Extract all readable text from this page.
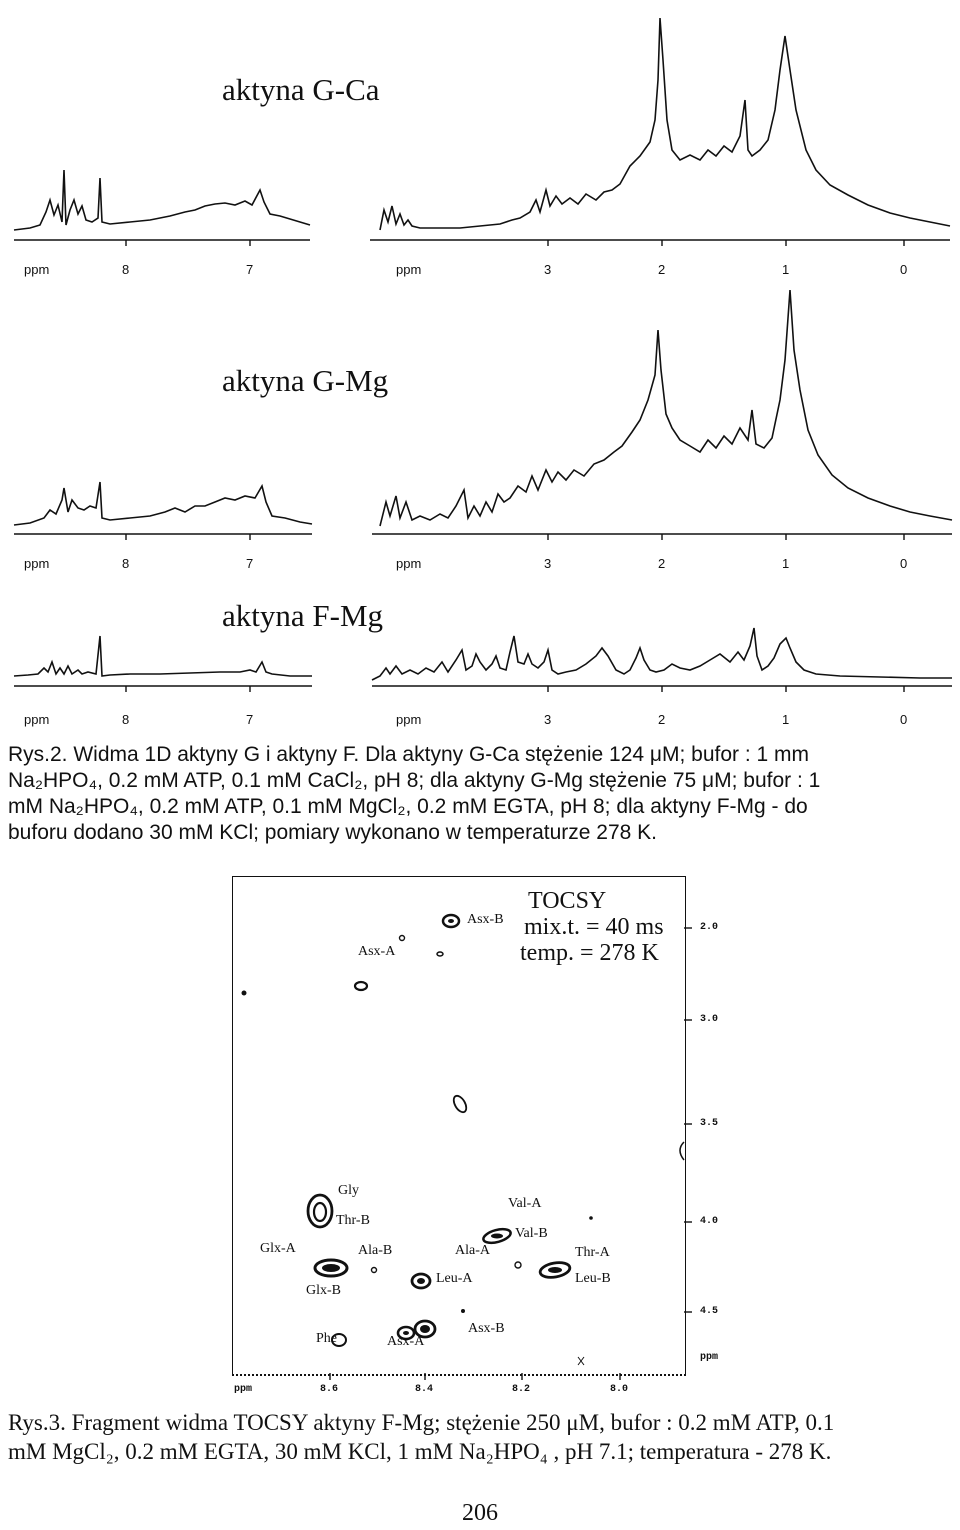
aktyna G-Ca
ppm	8	7	ppm	3	2	1	0
aktyna G-Mg
ppm	8	7	ppm	3	2	1	0
aktyna F-Mg
ppm	8	7	ppm	3	2	1	0
Rys.2. Widma 1D aktyny G i aktyny F. Dla aktyny G-Ca stężenie 124 μM; bufor : 1 mm
Na₂HPO₄, 0.2 mM ATP, 0.1 mM CaCl₂, pH 8; dla aktyny G-Mg stężenie 75 μM; bufor : 1
mM Na₂HPO₄, 0.2 mM ATP, 0.1 mM MgCl₂, 0.2 mM EGTA, pH 8; dla aktyny F-Mg - do
buforu dodano 30 mM KCl; pomiary wykonano w temperaturze 278 K.
TOCSY
mix.t. = 40 ms
temp. = 278 K
Asx-B
Asx-A
Gly
Thr-B
Glx-A	Ala-B
Glx-B
Ala-A
Val-A
Val-B
Thr-A
Leu-A	Leu-B
Asx-B
Phe	Asx-A
2.0
3.0
3.5
4.0
4.5
ppm
ppm	8.6	8.4	8.2	8.0
Rys.3. Fragment widma TOCSY aktyny F-Mg; stężenie 250 μM, bufor : 0.2 mM ATP, 0.1
mM MgCl₂, 0.2 mM EGTA, 30 mM KCl, 1 mM Na₂HPO₄ , pH 7.1; temperatura - 278 K.
206
